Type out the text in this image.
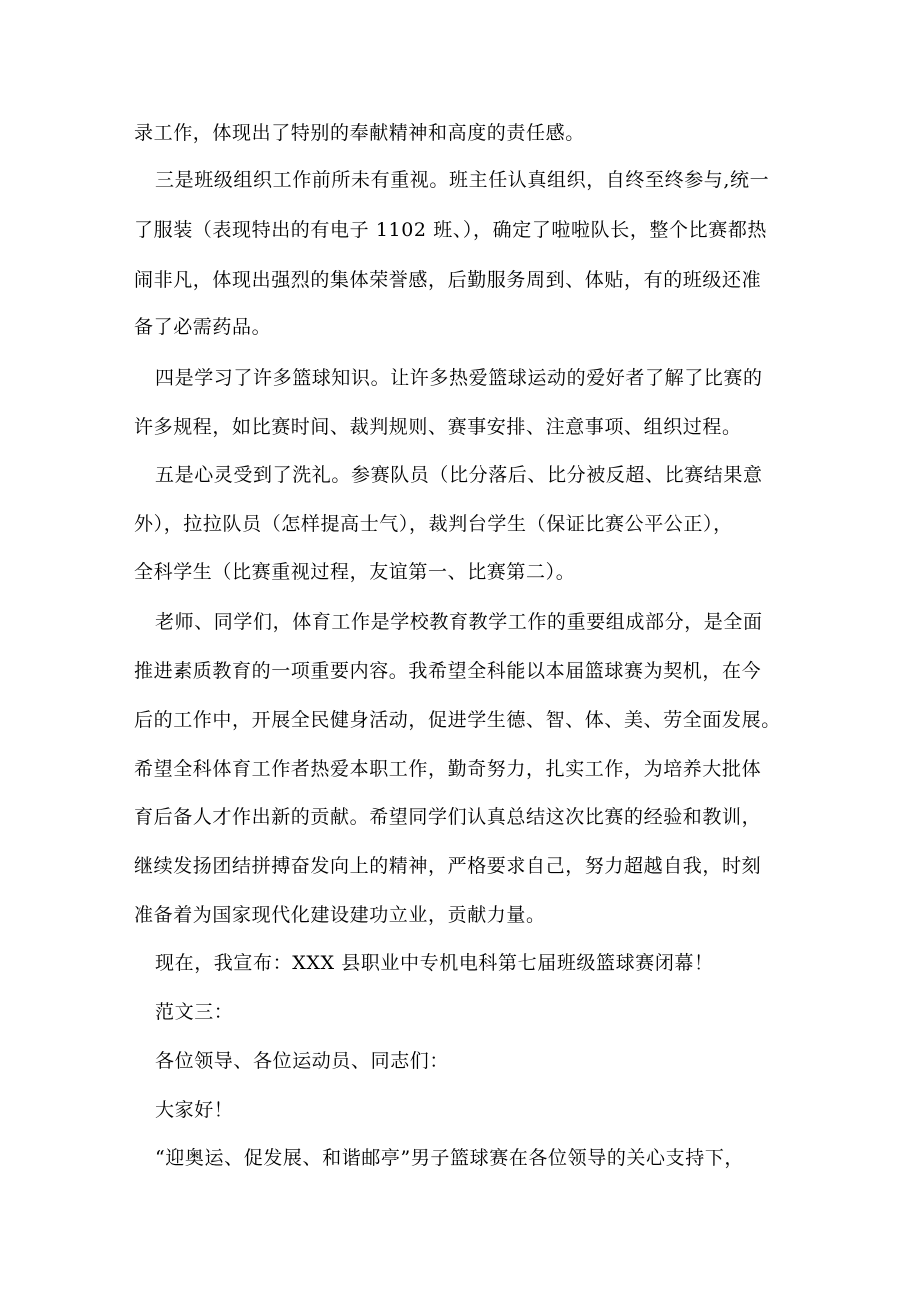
录工作，体现出了特别的奉献精神和高度的责任感。
三是班级组织工作前所未有重视。班主任认真组织，自终至终参与,统一
了服装（表现特出的有电子 1102 班、），确定了啦啦队长，整个比赛都热
闹非凡，体现出强烈的集体荣誉感，后勤服务周到、体贴，有的班级还准
备了必需药品。
四是学习了许多篮球知识。让许多热爱篮球运动的爱好者了解了比赛的
许多规程，如比赛时间、裁判规则、赛事安排、注意事项、组织过程。
五是心灵受到了洗礼。参赛队员（比分落后、比分被反超、比赛结果意
外），拉拉队员（怎样提高士气），裁判台学生（保证比赛公平公正），
全科学生（比赛重视过程，友谊第一、比赛第二）。
老师、同学们，体育工作是学校教育教学工作的重要组成部分，是全面
推进素质教育的一项重要内容。我希望全科能以本届篮球赛为契机，在今
后的工作中，开展全民健身活动，促进学生德、智、体、美、劳全面发展。
希望全科体育工作者热爱本职工作，勤奇努力，扎实工作，为培养大批体
育后备人才作出新的贡献。希望同学们认真总结这次比赛的经验和教训，
继续发扬团结拼搏奋发向上的精神，严格要求自己，努力超越自我，时刻
准备着为国家现代化建设建功立业，贡献力量。
现在，我宣布：XXX 县职业中专机电科第七届班级篮球赛闭幕！
范文三：
各位领导、各位运动员、同志们：
大家好！
“迎奥运、促发展、和谐邮亭”男子篮球赛在各位领导的关心支持下，
